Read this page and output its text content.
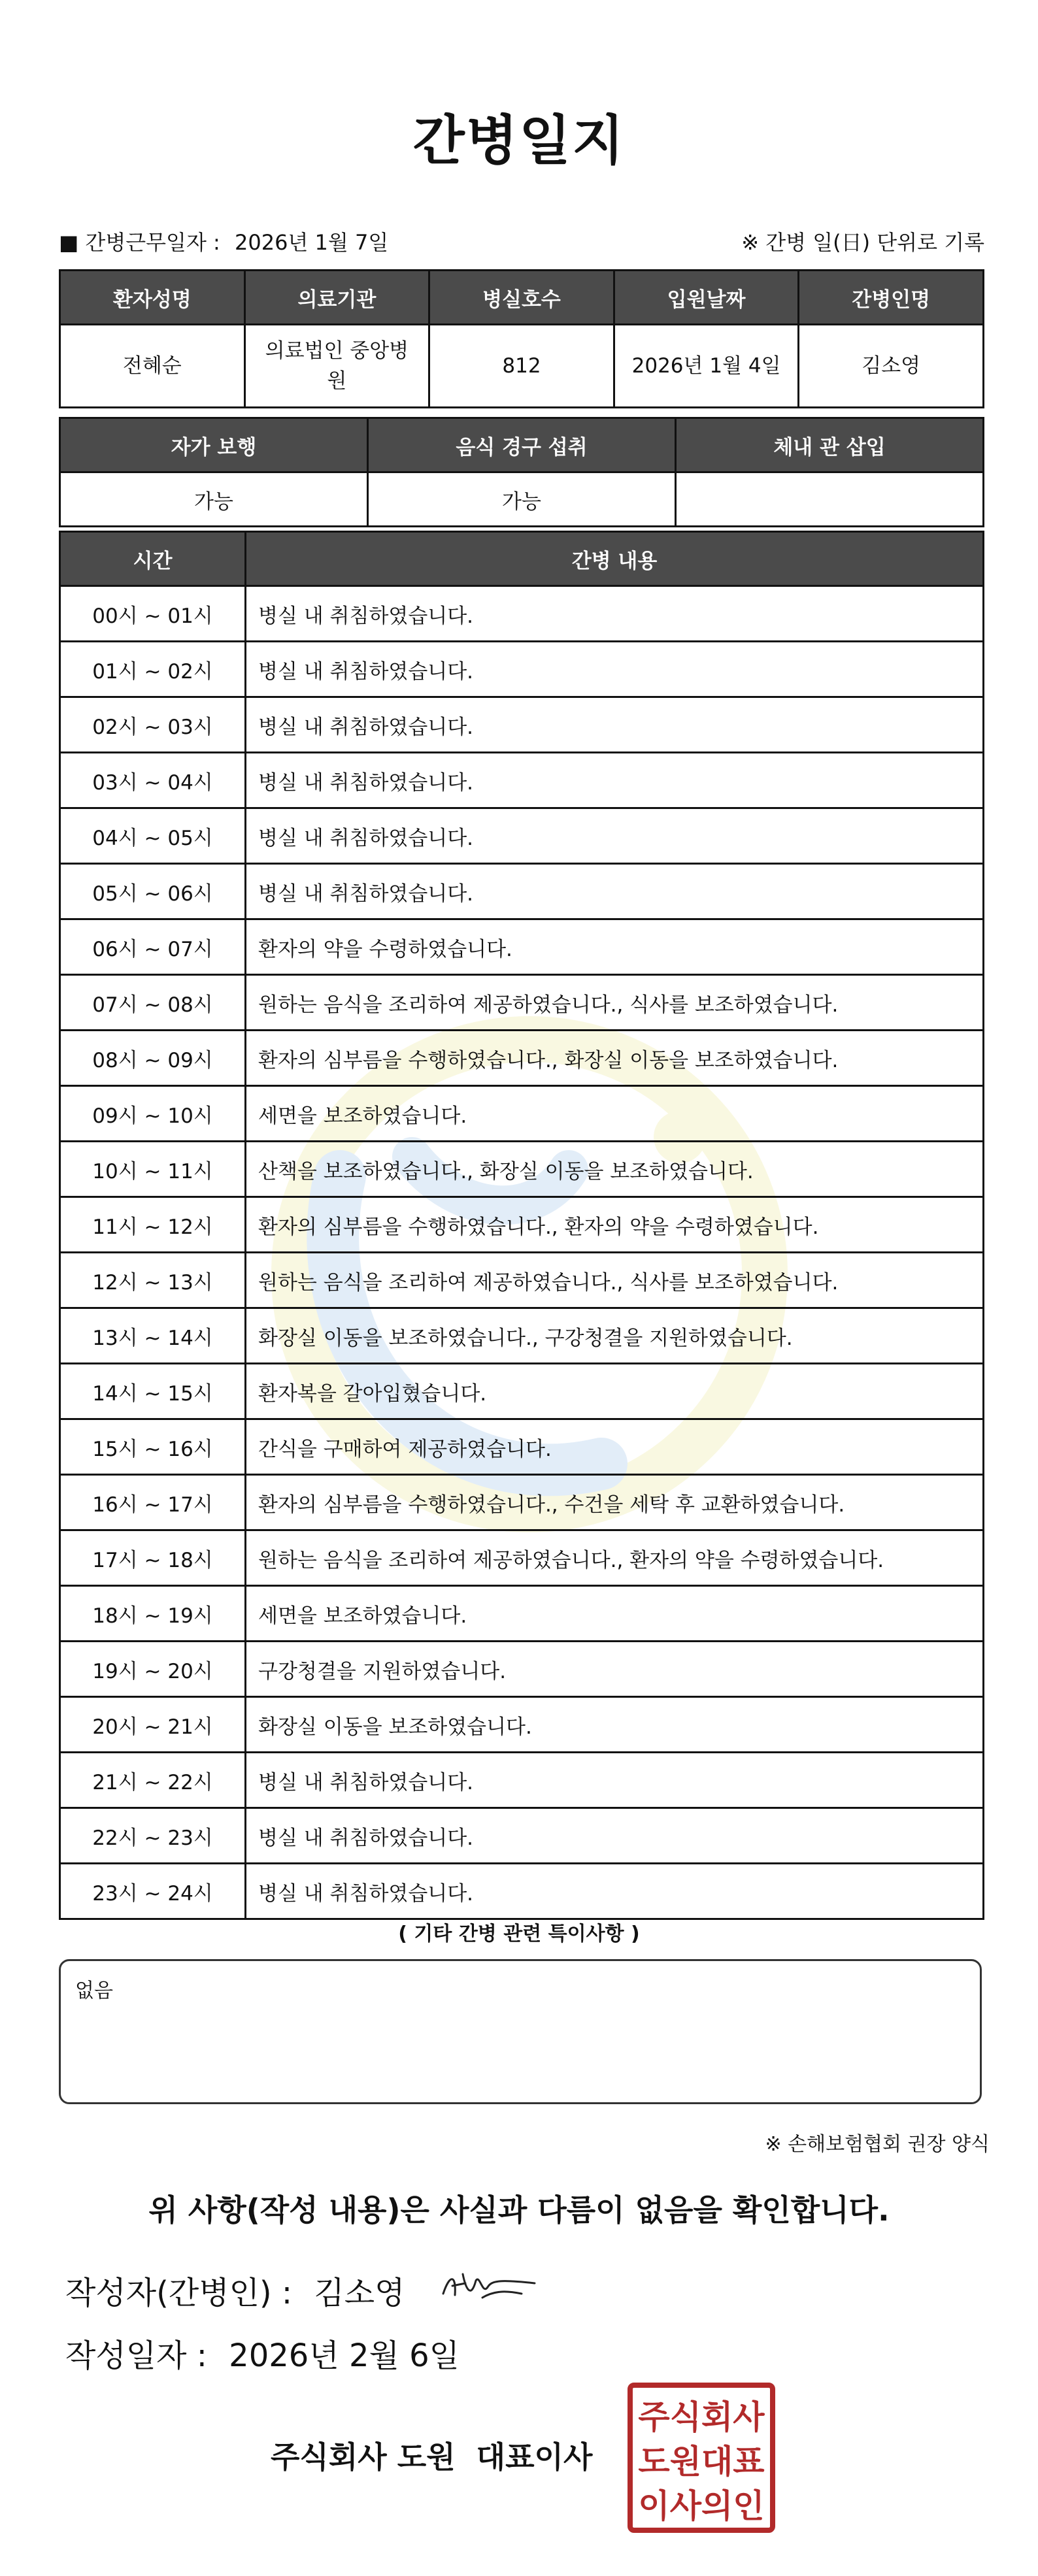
간병일지
■ 간병근무일자 : 2026년 1월 7일	※ 간병 일(日) 단위로 기록
환자성명	의료기관	병실호수	입원날짜	간병인명
전혜순	의료법인 중앙병원	812	2026년 1월 4일	김소영
자가 보행	음식 경구 섭취	체내 관 삽입
가능	가능	
시간	간병 내용
00시 ~ 01시	병실 내 취침하였습니다.
01시 ~ 02시	병실 내 취침하였습니다.
02시 ~ 03시	병실 내 취침하였습니다.
03시 ~ 04시	병실 내 취침하였습니다.
04시 ~ 05시	병실 내 취침하였습니다.
05시 ~ 06시	병실 내 취침하였습니다.
06시 ~ 07시	환자의 약을 수령하였습니다.
07시 ~ 08시	원하는 음식을 조리하여 제공하였습니다., 식사를 보조하였습니다.
08시 ~ 09시	환자의 심부름을 수행하였습니다., 화장실 이동을 보조하였습니다.
09시 ~ 10시	세면을 보조하였습니다.
10시 ~ 11시	산책을 보조하였습니다., 화장실 이동을 보조하였습니다.
11시 ~ 12시	환자의 심부름을 수행하였습니다., 환자의 약을 수령하였습니다.
12시 ~ 13시	원하는 음식을 조리하여 제공하였습니다., 식사를 보조하였습니다.
13시 ~ 14시	화장실 이동을 보조하였습니다., 구강청결을 지원하였습니다.
14시 ~ 15시	환자복을 갈아입혔습니다.
15시 ~ 16시	간식을 구매하여 제공하였습니다.
16시 ~ 17시	환자의 심부름을 수행하였습니다., 수건을 세탁 후 교환하였습니다.
17시 ~ 18시	원하는 음식을 조리하여 제공하였습니다., 환자의 약을 수령하였습니다.
18시 ~ 19시	세면을 보조하였습니다.
19시 ~ 20시	구강청결을 지원하였습니다.
20시 ~ 21시	화장실 이동을 보조하였습니다.
21시 ~ 22시	병실 내 취침하였습니다.
22시 ~ 23시	병실 내 취침하였습니다.
23시 ~ 24시	병실 내 취침하였습니다.
( 기타 간병 관련 특이사항 )
없음
※ 손해보험협회 권장 양식
위 사항(작성 내용)은 사실과 다름이 없음을 확인합니다.
작성자(간병인) : 김소영
작성일자 : 2026년 2월 6일
주식회사 도원  대표이사
주식회사
도원대표
이사의인
